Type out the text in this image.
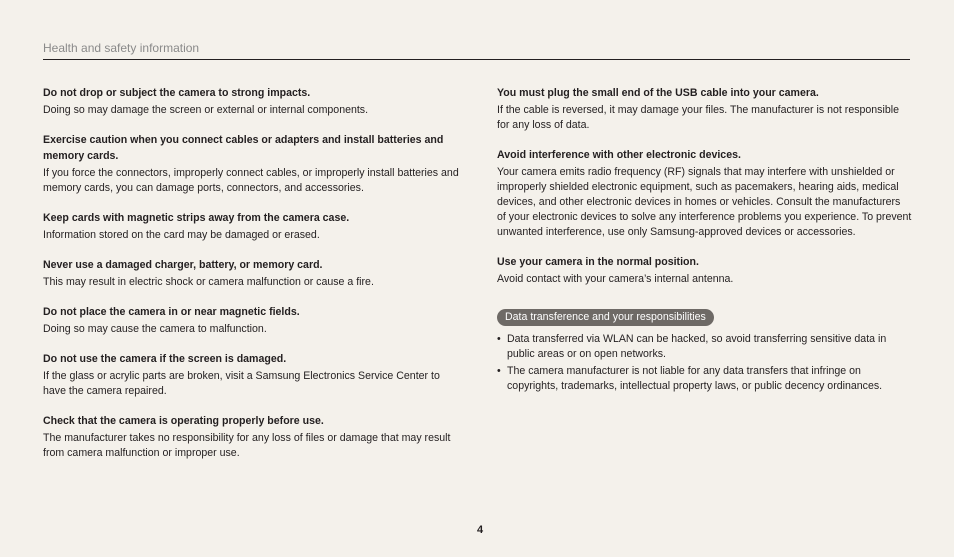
Health and safety information

Do not drop or subject the camera to strong impacts.

Doing so may damage the screen or external or internal components.

Exercise caution when you connect cables or adapters and install batteries and memory cards.

If you force the connectors, improperly connect cables, or improperly install batteries and memory cards, you can damage ports, connectors, and accessories.

Keep cards with magnetic strips away from the camera case.

Information stored on the card may be damaged or erased.

Never use a damaged charger, battery, or memory card.

This may result in electric shock or camera malfunction or cause a fire.

Do not place the camera in or near magnetic fields.

Doing so may cause the camera to malfunction.

Do not use the camera if the screen is damaged.

If the glass or acrylic parts are broken, visit a Samsung Electronics Service Center to have the camera repaired.

Check that the camera is operating properly before use.

The manufacturer takes no responsibility for any loss of files or damage that may result from camera malfunction or improper use.

You must plug the small end of the USB cable into your camera.

If the cable is reversed, it may damage your files. The manufacturer is not responsible for any loss of data.

Avoid interference with other electronic devices.

Your camera emits radio frequency (RF) signals that may interfere with unshielded or improperly shielded electronic equipment, such as pacemakers, hearing aids, medical devices, and other electronic devices in homes or vehicles. Consult the manufacturers of your electronic devices to solve any interference problems you experience. To prevent unwanted interference, use only Samsung-approved devices or accessories.

Use your camera in the normal position.

Avoid contact with your camera’s internal antenna.

Data transference and your responsibilities
• Data transferred via WLAN can be hacked, so avoid transferring sensitive data in public areas or on open networks.
• The camera manufacturer is not liable for any data transfers that infringe on copyrights, trademarks, intellectual property laws, or public decency ordinances.
4
